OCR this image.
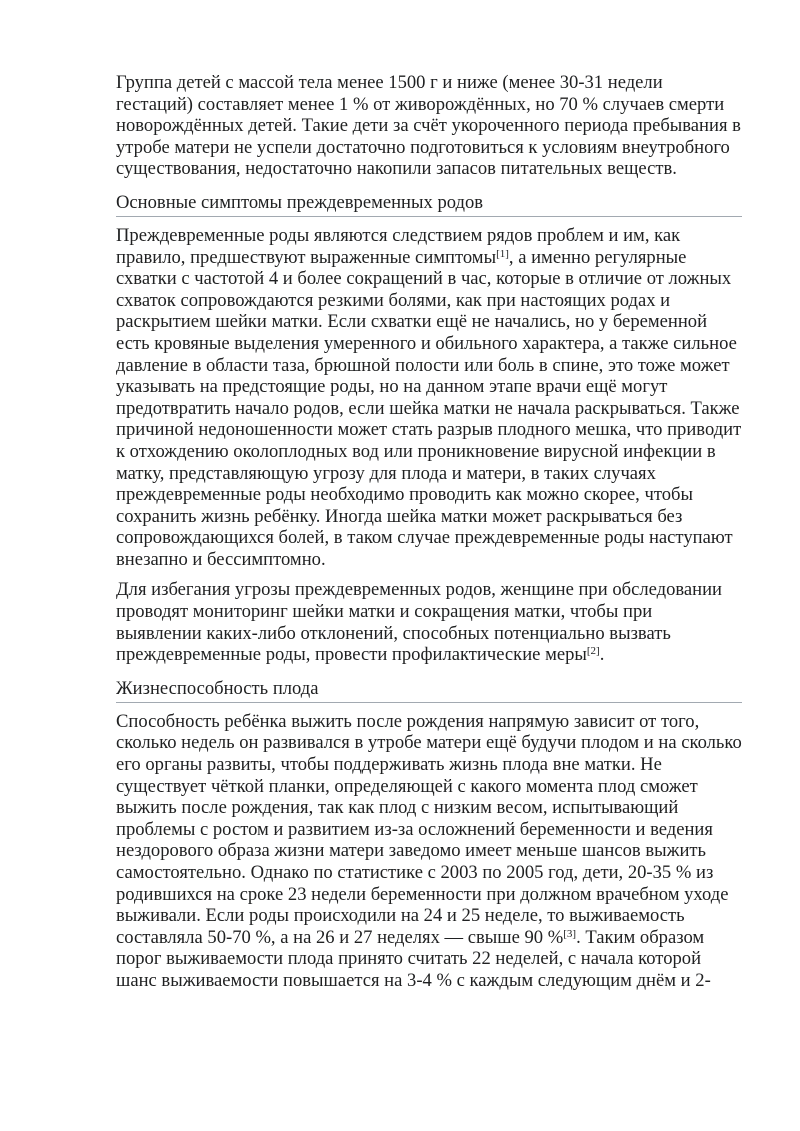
Группа детей с массой тела менее 1500 г и ниже (менее 30-31 недели гестаций) составляет менее 1 % от живорождённых, но 70 % случаев смерти новорождённых детей. Такие дети за счёт укороченного периода пребывания в утробе матери не успели достаточно подготовиться к условиям внеутробного существования, недостаточно накопили запасов питательных веществ.

Основные симптомы преждевременных родов

Преждевременные роды являются следствием рядов проблем и им, как правило, предшествуют выраженные симптомы[1], а именно регулярные схватки с частотой 4 и более сокращений в час, которые в отличие от ложных схваток сопровождаются резкими болями, как при настоящих родах и раскрытием шейки матки. Если схватки ещё не начались, но у беременной есть кровяные выделения умеренного и обильного характера, а также сильное давление в области таза, брюшной полости или боль в спине, это тоже может указывать на предстоящие роды, но на данном этапе врачи ещё могут предотвратить начало родов, если шейка матки не начала раскрываться. Также причиной недоношенности может стать разрыв плодного мешка, что приводит к отхождению околоплодных вод или проникновение вирусной инфекции в матку, представляющую угрозу для плода и матери, в таких случаях преждевременные роды необходимо проводить как можно скорее, чтобы сохранить жизнь ребёнку. Иногда шейка матки может раскрываться без сопровождающихся болей, в таком случае преждевременные роды наступают внезапно и бессимптомно.

Для избегания угрозы преждевременных родов, женщине при обследовании проводят мониторинг шейки матки и сокращения матки, чтобы при выявлении каких-либо отклонений, способных потенциально вызвать преждевременные роды, провести профилактические меры[2].

Жизнеспособность плода

Способность ребёнка выжить после рождения напрямую зависит от того, сколько недель он развивался в утробе матери ещё будучи плодом и на сколько его органы развиты, чтобы поддерживать жизнь плода вне матки. Не существует чёткой планки, определяющей с какого момента плод сможет выжить после рождения, так как плод с низким весом, испытывающий проблемы с ростом и развитием из-за осложнений беременности и ведения нездорового образа жизни матери заведомо имеет меньше шансов выжить самостоятельно. Однако по статистике с 2003 по 2005 год, дети, 20-35 % из родившихся на сроке 23 недели беременности при должном врачебном уходе выживали. Если роды происходили на 24 и 25 неделе, то выживаемость составляла 50-70 %, а на 26 и 27 неделях — свыше 90 %[3]. Таким образом порог выживаемости плода принято считать 22 неделей, с начала которой шанс выживаемости повышается на 3-4 % с каждым следующим днём и 2-
